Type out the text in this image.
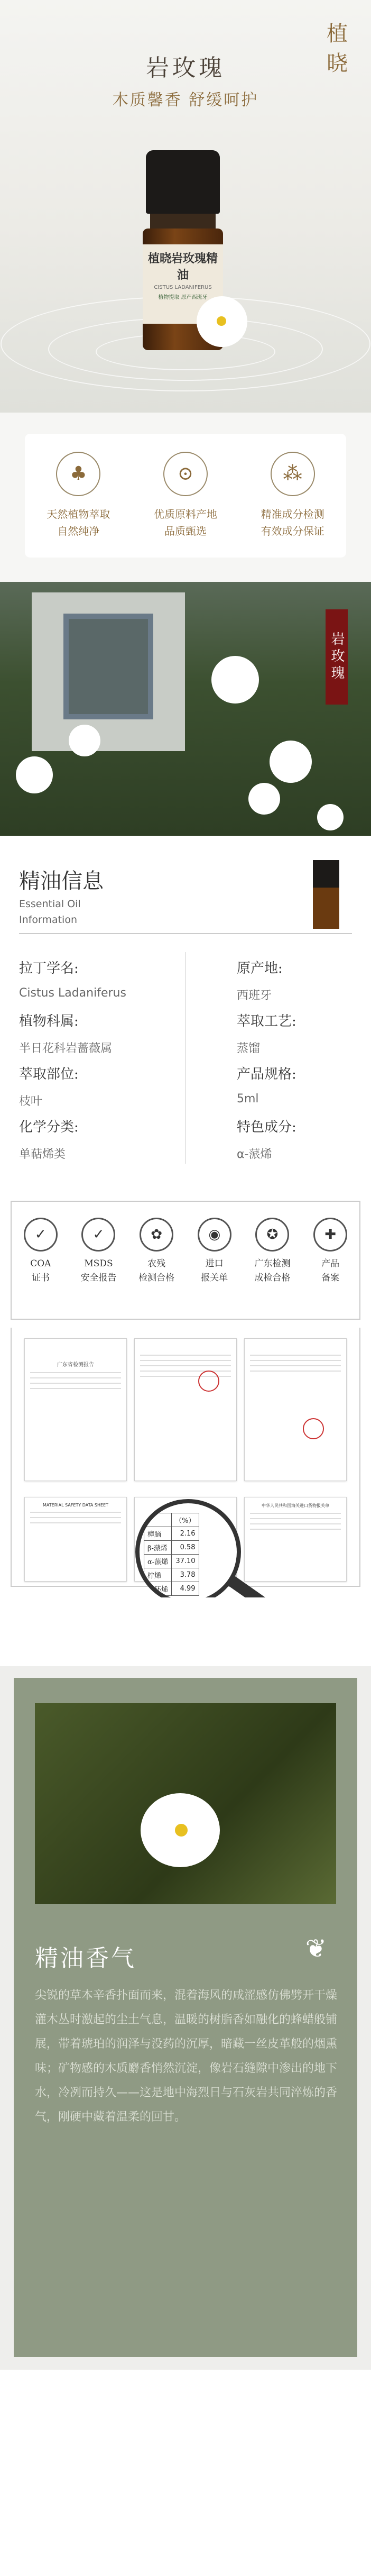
植晓
岩玫瑰
木质馨香 舒缓呵护
植晓岩玫瑰精油
CISTUS LADANIFERUS
植物提取 原产西班牙
♣
天然植物萃取
自然纯净
⊙
优质原料产地
品质甄选
⁂
精准成分检测
有效成分保证
岩玫瑰
精油信息
Essential Oil Information
拉丁学名:
Cistus Ladaniferus
原产地:
西班牙
植物科属:
半日花科岩蔷薇属
萃取工艺:
蒸馏
萃取部位:
枝叶
产品规格:
5ml
化学分类:
单萜烯类
特色成分:
α-蒎烯
✓
COA
证书
✓
MSDS
安全报告
✿
农残
检测合格
◉
进口
报关单
✪
广东检测
成检合格
✚
产品
备案
广东省检测报告
MATERIAL SAFETY DATA SHEET	中华人民共和国海关进口货物报关单
	（%）
樟脑	2.16
β-蒎烯	0.58
α-蒎烯	37.10
柠烯	3.78
三环烯	4.99
精油香气	❦
尖锐的草本辛香扑面而来，混着海风的咸涩感仿佛劈开干燥灌木丛时激起的尘土气息，温暖的树脂香如融化的蜂蜡般铺展，带着琥珀的润泽与没药的沉厚，暗藏一丝皮革般的烟熏味；矿物感的木质麝香悄然沉淀，像岩石缝隙中渗出的地下水，冷冽而持久——这是地中海烈日与石灰岩共同淬炼的香气，刚硬中藏着温柔的回甘。
